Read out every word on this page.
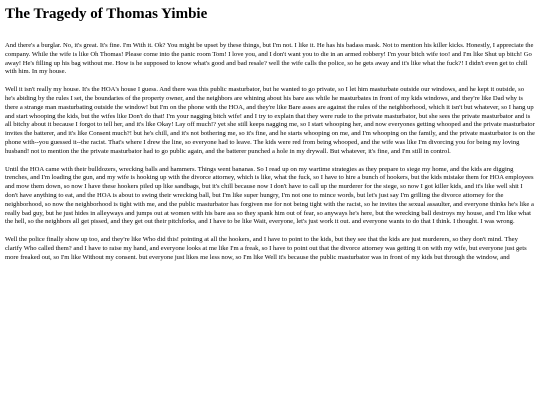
The Tragedy of Thomas Yimbie

And there's a burglar. No, it's great. It's fine. I'm With it. Ok? You might be upset by these things, but I'm not. I like it. He has his badass mask. Not to mention his killer kicks. Honestly, I appreciate the company. While the wife is like Oh Thomas! Please come into the panic room Tom! I love you, and I don't want you to die in an armed robbery! I'm your bitch wife too! and I'm like Shut up bitch! Go away! He's filling up his bag without me. How is he supposed to know what's good and bad resale? well the wife calls the police, so he gets away and it's like what the fuck?! I didn't even get to chill with him. In my house.

Well it isn't really my house. It's the HOA's house I guess. And there was this public masturbator, but he wanted to go private, so I let him masturbate outside our windows, and he kept it outside, so he's abiding by the rules I set, the boundaries of the property owner, and the neighbors are whining about his bare ass while he masturbates in front of my kids windows, and they're like Dad why is there a strange man masturbating outside the window! but I'm on the phone with the HOA, and they're like Bare asses are against the rules of the neighborhood, which it isn't but whatever, so I hang up and start whooping the kids, but the wifes like Don't do that! I'm your nagging bitch wife! and I try to explain that they were rude to the private masturbator, but she sees the private masturbator and is all bitchy about it because I forgot to tell her, and it's like Okay! Lay off much!? yet she still keeps nagging me, so I start whooping her, and now everyones getting whooped and the private masturbator invites the batterer, and it's like Consent much?! but he's chill, and it's not bothering me, so it's fine, and he starts whooping on me, and I'm whooping on the family, and the private masturbator is on the phone with--you guessed it--the racist. That's where I drew the line, so everyone had to leave. The kids were red from being whooped, and the wife was like I'm divorcing you for being my loving husband! not to mention the the private masturbator had to go public again, and the batterer punched a hole in my drywall. But whatever, it's fine, and I'm still in control.

Until the HOA came with their bulldozers, wrecking balls and hammers. Things went bananas. So I read up on my wartime strategies as they prepare to siege my home, and the kids are digging trenches, and I'm loading the gun, and my wife is hooking up with the divorce attorney, which is like, what the fuck, so I have to hire a bunch of hookers, but the kids mistake them for HOA employees and mow them down, so now I have these hookers piled up like sandbags, but it's chill because now I don't have to call up the murderer for the siege, so now I got killer kids, and it's like well shit I don't have anything to eat, and the HOA is about to swing their wrecking ball, but I'm like super hungry, I'm not one to mince words, but let's just say I'm grilling the divorce attorney for the neighborhood, so now the neighborhood is tight with me, and the public masturbator has forgiven me for not being tight with the racist, so he invites the sexual assaulter, and everyone thinks he's like a really bad guy, but he just hides in alleyways and jumps out at women with his bare ass so they spank him out of fear, so anyways he's here, but the wrecking ball destroys my house, and I'm like what the hell, so the neighbors all get pissed, and they get out their pitchforks, and I have to be like Wait, everyone, let's just work it out. and everyone wants to do that I think. I thought. I was wrong.

Well the police finally show up too, and they're like Who did this! pointing at all the hookers, and I have to point to the kids, but they see that the kids are just murderers, so they don't mind. They clarify Who called them? and I have to raise my hand, and everyone looks at me like I'm a freak, so I have to point out that the divorce attorney was getting it on with my wife, but everyone just gets more freaked out, so I'm like Without my consent. but everyone just likes me less now, so I'm like Well it's because the public masturbator was in front of my kids but through the window, and
